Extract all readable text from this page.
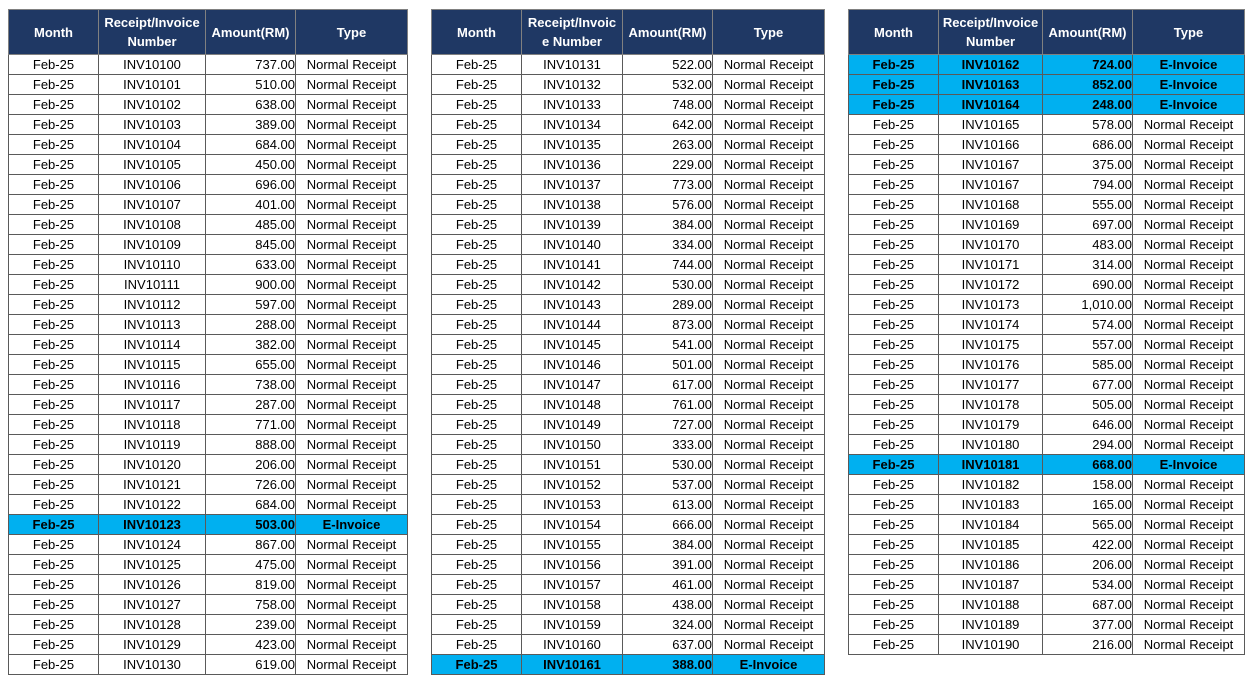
Month	Receipt/Invoice Number	Amount(RM)	Type
Feb-25	INV10100	737.00	Normal Receipt
Feb-25	INV10101	510.00	Normal Receipt
Feb-25	INV10102	638.00	Normal Receipt
Feb-25	INV10103	389.00	Normal Receipt
Feb-25	INV10104	684.00	Normal Receipt
Feb-25	INV10105	450.00	Normal Receipt
Feb-25	INV10106	696.00	Normal Receipt
Feb-25	INV10107	401.00	Normal Receipt
Feb-25	INV10108	485.00	Normal Receipt
Feb-25	INV10109	845.00	Normal Receipt
Feb-25	INV10110	633.00	Normal Receipt
Feb-25	INV10111	900.00	Normal Receipt
Feb-25	INV10112	597.00	Normal Receipt
Feb-25	INV10113	288.00	Normal Receipt
Feb-25	INV10114	382.00	Normal Receipt
Feb-25	INV10115	655.00	Normal Receipt
Feb-25	INV10116	738.00	Normal Receipt
Feb-25	INV10117	287.00	Normal Receipt
Feb-25	INV10118	771.00	Normal Receipt
Feb-25	INV10119	888.00	Normal Receipt
Feb-25	INV10120	206.00	Normal Receipt
Feb-25	INV10121	726.00	Normal Receipt
Feb-25	INV10122	684.00	Normal Receipt
Feb-25	INV10123	503.00	E-Invoice
Feb-25	INV10124	867.00	Normal Receipt
Feb-25	INV10125	475.00	Normal Receipt
Feb-25	INV10126	819.00	Normal Receipt
Feb-25	INV10127	758.00	Normal Receipt
Feb-25	INV10128	239.00	Normal Receipt
Feb-25	INV10129	423.00	Normal Receipt
Feb-25	INV10130	619.00	Normal Receipt
Month	Receipt/Invoic e Number	Amount(RM)	Type
Feb-25	INV10131	522.00	Normal Receipt
Feb-25	INV10132	532.00	Normal Receipt
Feb-25	INV10133	748.00	Normal Receipt
Feb-25	INV10134	642.00	Normal Receipt
Feb-25	INV10135	263.00	Normal Receipt
Feb-25	INV10136	229.00	Normal Receipt
Feb-25	INV10137	773.00	Normal Receipt
Feb-25	INV10138	576.00	Normal Receipt
Feb-25	INV10139	384.00	Normal Receipt
Feb-25	INV10140	334.00	Normal Receipt
Feb-25	INV10141	744.00	Normal Receipt
Feb-25	INV10142	530.00	Normal Receipt
Feb-25	INV10143	289.00	Normal Receipt
Feb-25	INV10144	873.00	Normal Receipt
Feb-25	INV10145	541.00	Normal Receipt
Feb-25	INV10146	501.00	Normal Receipt
Feb-25	INV10147	617.00	Normal Receipt
Feb-25	INV10148	761.00	Normal Receipt
Feb-25	INV10149	727.00	Normal Receipt
Feb-25	INV10150	333.00	Normal Receipt
Feb-25	INV10151	530.00	Normal Receipt
Feb-25	INV10152	537.00	Normal Receipt
Feb-25	INV10153	613.00	Normal Receipt
Feb-25	INV10154	666.00	Normal Receipt
Feb-25	INV10155	384.00	Normal Receipt
Feb-25	INV10156	391.00	Normal Receipt
Feb-25	INV10157	461.00	Normal Receipt
Feb-25	INV10158	438.00	Normal Receipt
Feb-25	INV10159	324.00	Normal Receipt
Feb-25	INV10160	637.00	Normal Receipt
Feb-25	INV10161	388.00	E-Invoice
Month	Receipt/Invoice Number	Amount(RM)	Type
Feb-25	INV10162	724.00	E-Invoice
Feb-25	INV10163	852.00	E-Invoice
Feb-25	INV10164	248.00	E-Invoice
Feb-25	INV10165	578.00	Normal Receipt
Feb-25	INV10166	686.00	Normal Receipt
Feb-25	INV10167	375.00	Normal Receipt
Feb-25	INV10167	794.00	Normal Receipt
Feb-25	INV10168	555.00	Normal Receipt
Feb-25	INV10169	697.00	Normal Receipt
Feb-25	INV10170	483.00	Normal Receipt
Feb-25	INV10171	314.00	Normal Receipt
Feb-25	INV10172	690.00	Normal Receipt
Feb-25	INV10173	1,010.00	Normal Receipt
Feb-25	INV10174	574.00	Normal Receipt
Feb-25	INV10175	557.00	Normal Receipt
Feb-25	INV10176	585.00	Normal Receipt
Feb-25	INV10177	677.00	Normal Receipt
Feb-25	INV10178	505.00	Normal Receipt
Feb-25	INV10179	646.00	Normal Receipt
Feb-25	INV10180	294.00	Normal Receipt
Feb-25	INV10181	668.00	E-Invoice
Feb-25	INV10182	158.00	Normal Receipt
Feb-25	INV10183	165.00	Normal Receipt
Feb-25	INV10184	565.00	Normal Receipt
Feb-25	INV10185	422.00	Normal Receipt
Feb-25	INV10186	206.00	Normal Receipt
Feb-25	INV10187	534.00	Normal Receipt
Feb-25	INV10188	687.00	Normal Receipt
Feb-25	INV10189	377.00	Normal Receipt
Feb-25	INV10190	216.00	Normal Receipt
